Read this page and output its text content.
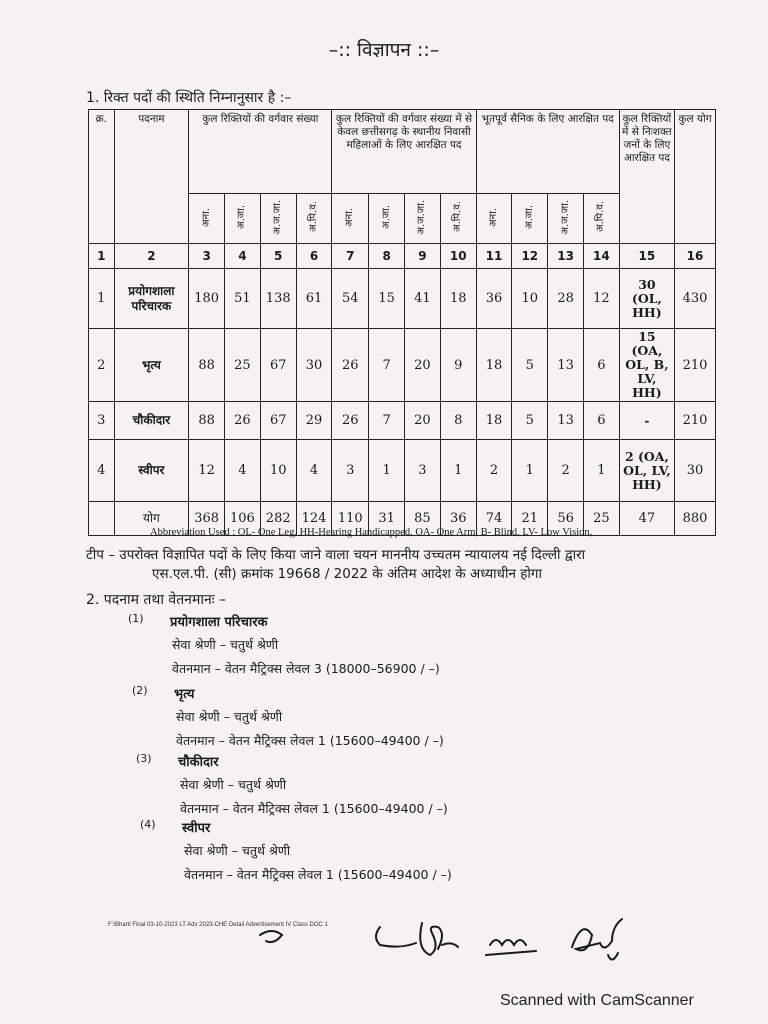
–:: विज्ञापन ::–
1. रिक्त पदों की स्थिति निम्नानुसार है :–
क्र.	पदनाम	कुल रिक्तियों की वर्गवार संख्या				कुल रिक्तियों की वर्गवार संख्या में से केवल छत्तीसगढ़ के स्थानीय निवासी महिलाओं के लिए आरक्षित पद				भूतपूर्व सैनिक के लिए आरक्षित पद				कुल रिक्तियों में से निःशक्त जनों के लिए आरक्षित पद	कुल योग
		अना.	अ.जा.	अ.ज.जा.	अ.पि.व.	अना.	अ.जा.	अ.ज.जा.	अ.पि.व.	अना.	अ.जा.	अ.ज.जा.	अ.पि.व.		
1	2	3	4	5	6	7	8	9	10	11	12	13	14	15	16
1	प्रयोगशाला परिचारक	180	51	138	61	54	15	41	18	36	10	28	12	30 (OL, HH)	430
2	भृत्य	88	25	67	30	26	7	20	9	18	5	13	6	15 (OA, OL, B, LV, HH)	210
3	चौकीदार	88	26	67	29	26	7	20	8	18	5	13	6	-	210
4	स्वीपर	12	4	10	4	3	1	3	1	2	1	2	1	2 (OA, OL, LV, HH)	30
	योग	368	106	282	124	110	31	85	36	74	21	56	25	47	880
Abbreviation Used : OL- One Leg, HH-Hearing Handicapped, OA- One Arm, B- Blind, LV- Low Vision,
टीप – उपरोक्त विज्ञापित पदों के लिए किया जाने वाला चयन माननीय उच्चतम न्यायालय नई दिल्ली द्वारा
एस.एल.पी. (सी) क्रमांक 19668 / 2022 के अंतिम आदेश के अध्याधीन होगा
2. पदनाम तथा वेतनमानः –
(1) प्रयोगशाला परिचारक
सेवा श्रेणी – चतुर्थ श्रेणी
वेतनमान – वेतन मैट्रिक्स लेवल 3 (18000–56900 / –)
(2) भृत्य
सेवा श्रेणी – चतुर्थ श्रेणी
वेतनमान – वेतन मैट्रिक्स लेवल 1 (15600–49400 / –)
(3) चौकीदार
सेवा श्रेणी – चतुर्थ श्रेणी
वेतनमान – वेतन मैट्रिक्स लेवल 1 (15600–49400 / –)
(4) स्वीपर
सेवा श्रेणी – चतुर्थ श्रेणी
वेतनमान – वेतन मैट्रिक्स लेवल 1 (15600–49400 / –)
F:\Bharti Final 03-10-2023 LT Adv 2023-CHE Detail Advertisement IV Class DOC 1
Scanned with CamScanner
